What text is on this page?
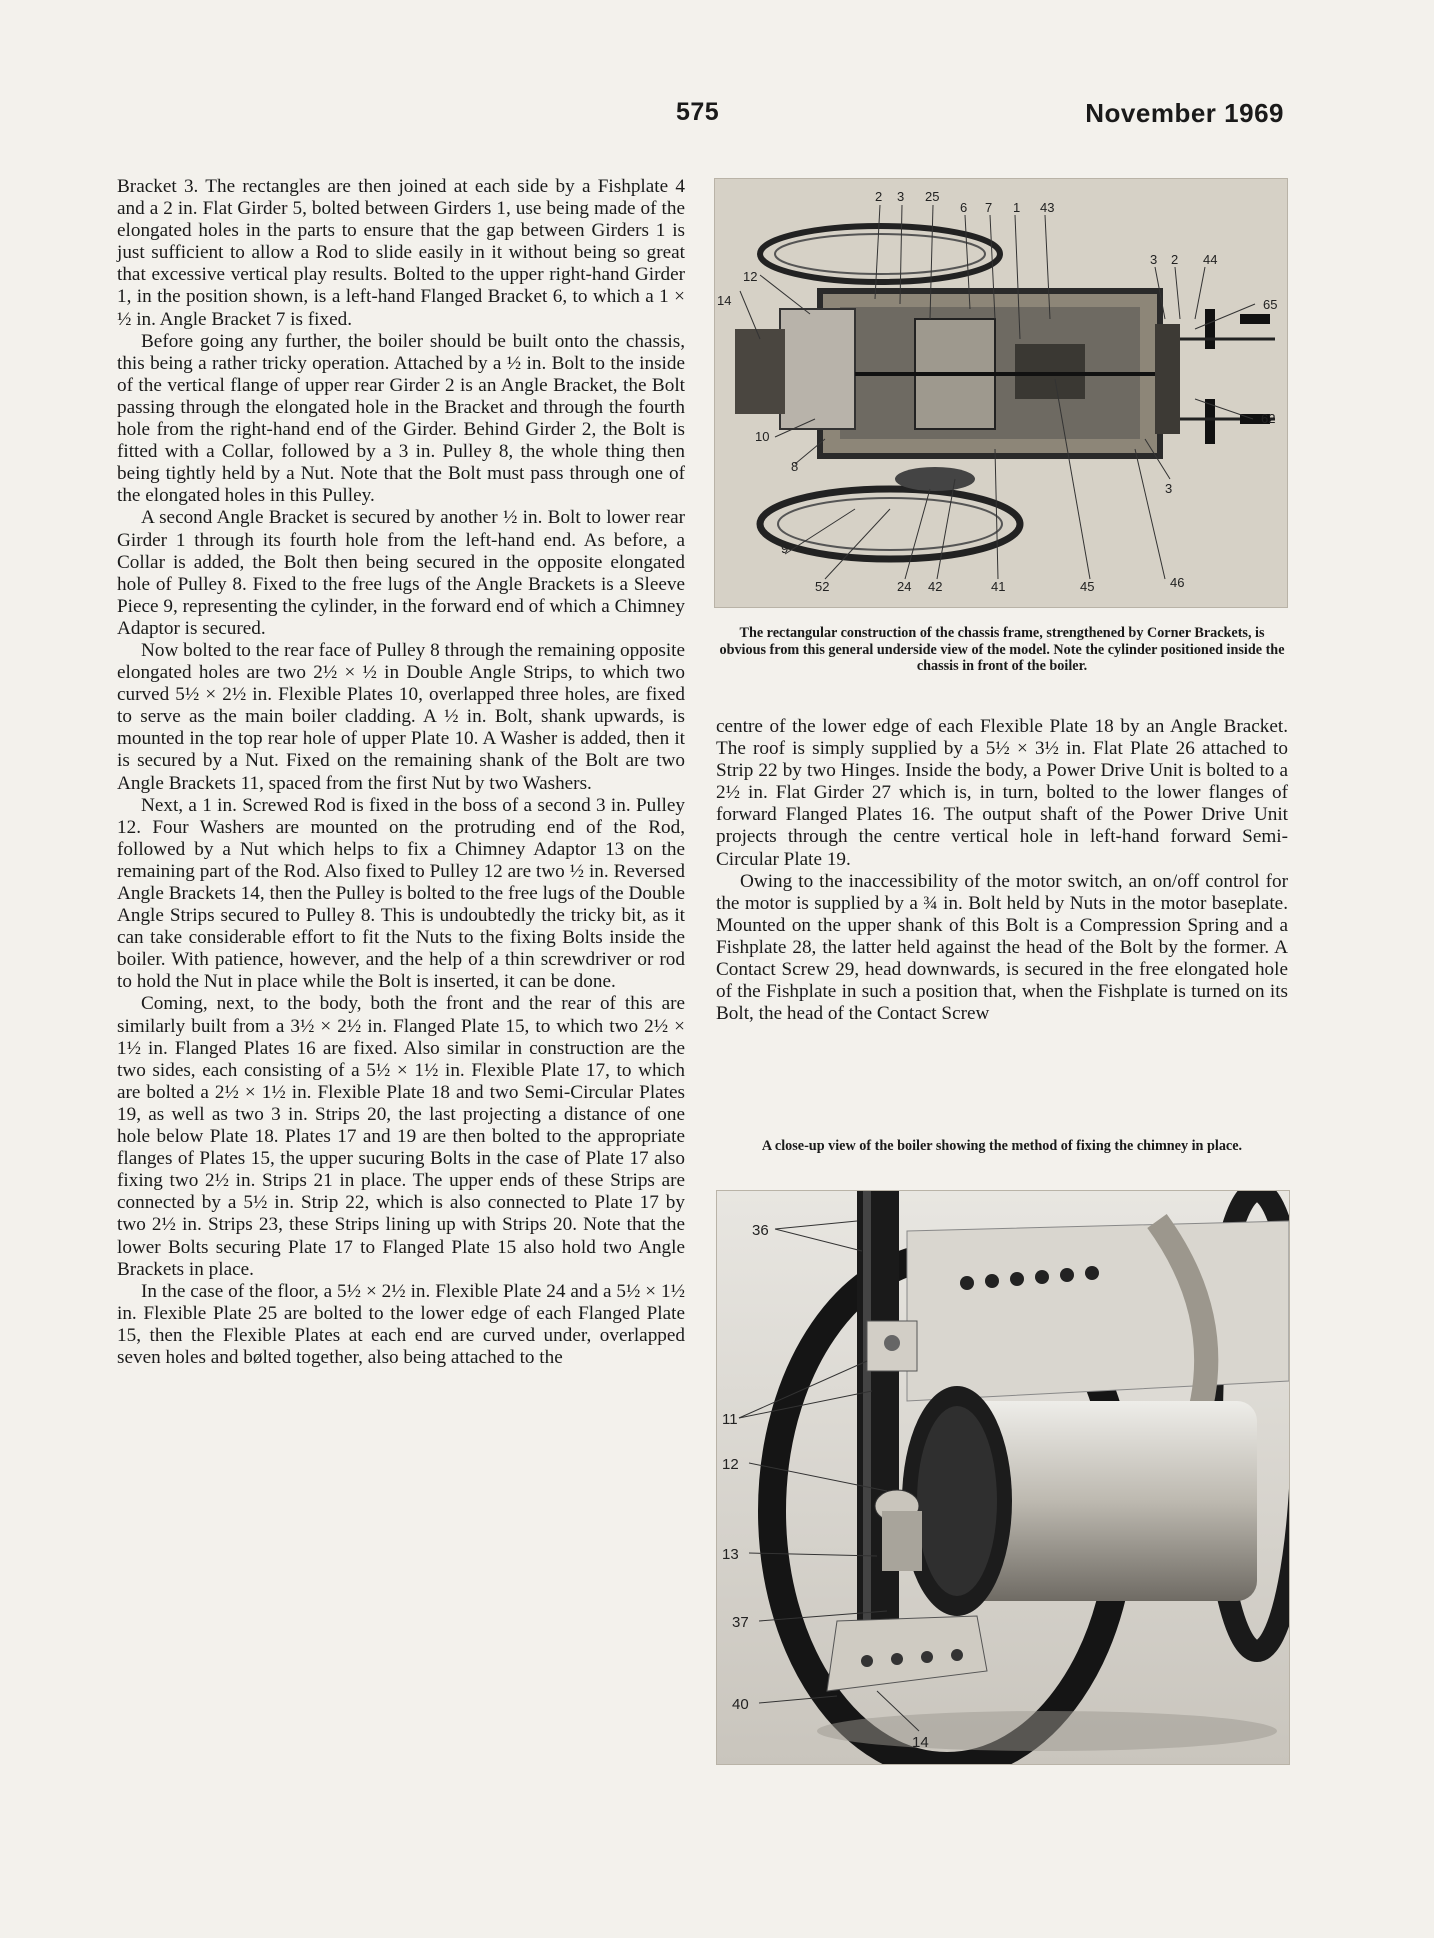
575	November 1969

Bracket 3. The rectangles are then joined at each side by a Fishplate 4 and a 2 in. Flat Girder 5, bolted between Girders 1, use being made of the elongated holes in the parts to ensure that the gap between Girders 1 is just sufficient to allow a Rod to slide easily in it without being so great that excessive vertical play results. Bolted to the upper right-hand Girder 1, in the position shown, is a left-hand Flanged Bracket 6, to which a 1 × ½ in. Angle Bracket 7 is fixed.

Before going any further, the boiler should be built onto the chassis, this being a rather tricky operation. Attached by a ½ in. Bolt to the inside of the vertical flange of upper rear Girder 2 is an Angle Bracket, the Bolt passing through the elongated hole in the Bracket and through the fourth hole from the right-hand end of the Girder. Behind Girder 2, the Bolt is fitted with a Collar, followed by a 3 in. Pulley 8, the whole thing then being tightly held by a Nut. Note that the Bolt must pass through one of the elongated holes in this Pulley.

A second Angle Bracket is secured by another ½ in. Bolt to lower rear Girder 1 through its fourth hole from the left-hand end. As before, a Collar is added, the Bolt then being secured in the opposite elongated hole of Pulley 8. Fixed to the free lugs of the Angle Brackets is a Sleeve Piece 9, representing the cylinder, in the forward end of which a Chimney Adaptor is secured.

Now bolted to the rear face of Pulley 8 through the remaining opposite elongated holes are two 2½ × ½ in Double Angle Strips, to which two curved 5½ × 2½ in. Flexible Plates 10, overlapped three holes, are fixed to serve as the main boiler cladding. A ½ in. Bolt, shank upwards, is mounted in the top rear hole of upper Plate 10. A Washer is added, then it is secured by a Nut. Fixed on the remaining shank of the Bolt are two Angle Brackets 11, spaced from the first Nut by two Washers.

Next, a 1 in. Screwed Rod is fixed in the boss of a second 3 in. Pulley 12. Four Washers are mounted on the protruding end of the Rod, followed by a Nut which helps to fix a Chimney Adaptor 13 on the remaining part of the Rod. Also fixed to Pulley 12 are two ½ in. Reversed Angle Brackets 14, then the Pulley is bolted to the free lugs of the Double Angle Strips secured to Pulley 8. This is undoubtedly the tricky bit, as it can take considerable effort to fit the Nuts to the fixing Bolts inside the boiler. With patience, however, and the help of a thin screwdriver or rod to hold the Nut in place while the Bolt is inserted, it can be done.

Coming, next, to the body, both the front and the rear of this are similarly built from a 3½ × 2½ in. Flanged Plate 15, to which two 2½ × 1½ in. Flanged Plates 16 are fixed. Also similar in construction are the two sides, each consisting of a 5½ × 1½ in. Flexible Plate 17, to which are bolted a 2½ × 1½ in. Flexible Plate 18 and two Semi-Circular Plates 19, as well as two 3 in. Strips 20, the last projecting a distance of one hole below Plate 18. Plates 17 and 19 are then bolted to the appropriate flanges of Plates 15, the upper sucuring Bolts in the case of Plate 17 also fixing two 2½ in. Strips 21 in place. The upper ends of these Strips are connected by a 5½ in. Strip 22, which is also connected to Plate 17 by two 2½ in. Strips 23, these Strips lining up with Strips 20. Note that the lower Bolts securing Plate 17 to Flanged Plate 15 also hold two Angle Brackets in place.

In the case of the floor, a 5½ × 2½ in. Flexible Plate 24 and a 5½ × 1½ in. Flexible Plate 25 are bolted to the lower edge of each Flanged Plate 15, then the Flexible Plates at each end are curved under, overlapped seven holes and bølted together, also being attached to the

2 3 25
6 7 1 43
3 2 44
65
62
3
12
14
10
8
9
52	24 42	41	45	46
The rectangular construction of the chassis frame, strengthened by Corner Brackets, is obvious from this general underside view of the model. Note the cylinder positioned inside the chassis in front of the boiler.

centre of the lower edge of each Flexible Plate 18 by an Angle Bracket. The roof is simply supplied by a 5½ × 3½ in. Flat Plate 26 attached to Strip 22 by two Hinges. Inside the body, a Power Drive Unit is bolted to a 2½ in. Flat Girder 27 which is, in turn, bolted to the lower flanges of forward Flanged Plates 16. The output shaft of the Power Drive Unit projects through the centre vertical hole in left-hand forward Semi-Circular Plate 19.

Owing to the inaccessibility of the motor switch, an on/off control for the motor is supplied by a ¾ in. Bolt held by Nuts in the motor baseplate. Mounted on the upper shank of this Bolt is a Compression Spring and a Fishplate 28, the latter held against the head of the Bolt by the former. A Contact Screw 29, head downwards, is secured in the free elongated hole of the Fishplate in such a position that, when the Fishplate is turned on its Bolt, the head of the Contact Screw

A close-up view of the boiler showing the method of fixing the chimney in place.
36
11
12
13
37
40
14
